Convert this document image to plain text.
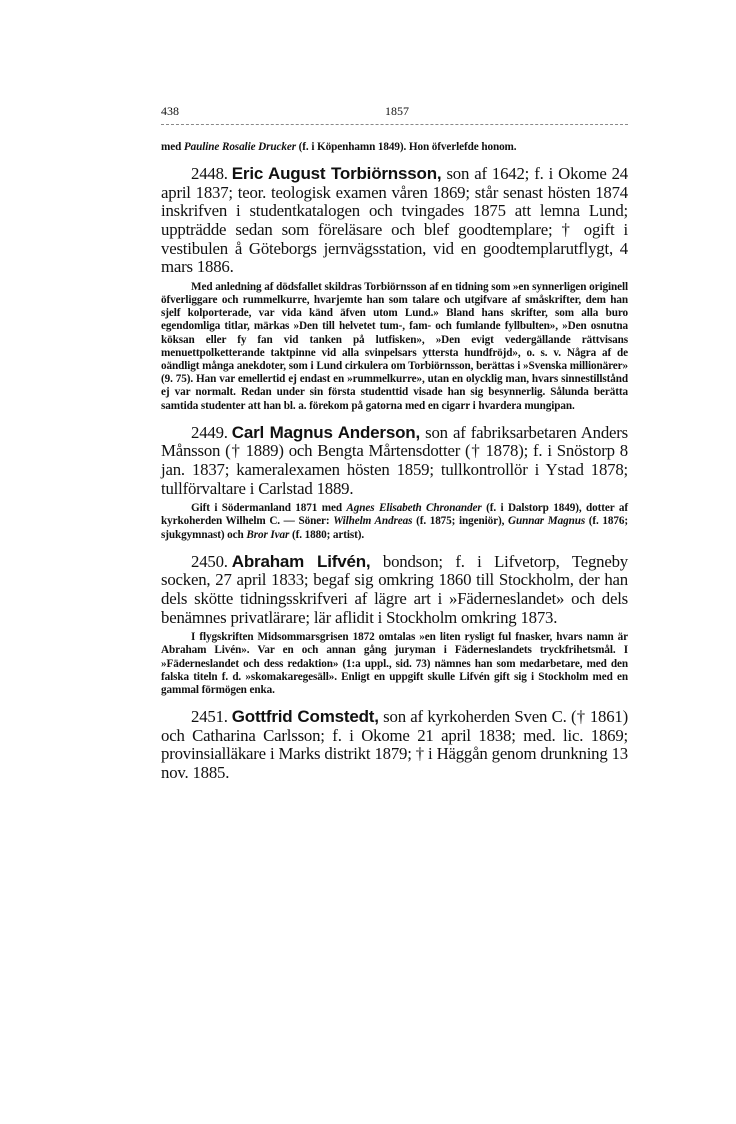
438	1857

med Pauline Rosalie Drucker (f. i Köpenhamn 1849). Hon öfverlefde honom.

2448. Eric August Torbiörnsson, son af 1642; f. i Okome 24 april 1837; teor. teologisk examen våren 1869; står senast hösten 1874 inskrifven i studentkatalogen och tvingades 1875 att lemna Lund; uppträdde sedan som föreläsare och blef goodtemplare; † ogift i vestibulen å Göteborgs jernvägsstation, vid en goodtemplarutflygt, 4 mars 1886.

Med anledning af dödsfallet skildras Torbiörnsson af en tidning som »en synnerligen originell öfverliggare och rummelkurre, hvarjemte han som talare och utgifvare af småskrifter, dem han sjelf kolporterade, var vida känd äfven utom Lund.» Bland hans skrifter, som alla buro egendomliga titlar, märkas »Den till helvetet tum-, fam- och fumlande fyllbulten», »Den osnutna köksan eller fy fan vid tanken på lutfisken», »Den evigt vedergällande rättvisans menuettpolketterande taktpinne vid alla svinpelsars yttersta hundfröjd», o. s. v. Några af de oändligt många anekdoter, som i Lund cirkulera om Torbiörnsson, berättas i »Svenska millionärer» (9. 75). Han var emellertid ej endast en »rummelkurre», utan en olycklig man, hvars sinnestillstånd ej var normalt. Redan under sin första studenttid visade han sig besynnerlig. Sålunda berättа samtida studenter att han bl. a. förekom på gatorna med en cigarr i hvardera mungipan.

2449. Carl Magnus Anderson, son af fabriksarbetaren Anders Månsson († 1889) och Bengta Mårtensdotter († 1878); f. i Snöstorp 8 jan. 1837; kameralexamen hösten 1859; tullkontrollör i Ystad 1878; tullförvaltare i Carlstad 1889.

Gift i Södermanland 1871 med Agnes Elisabeth Chronander (f. i Dalstorp 1849), dotter af kyrkoherden Wilhelm C. — Söner: Wilhelm Andreas (f. 1875; ingeniör), Gunnar Magnus (f. 1876; sjukgymnast) och Bror Ivar (f. 1880; artist).

2450. Abraham Lifvén, bondson; f. i Lifvetorp, Tegneby socken, 27 april 1833; begaf sig omkring 1860 till Stockholm, der han dels skötte tidningsskrifveri af lägre art i »Fäderneslandet» och dels benämnes privatlärare; lär aflidit i Stockholm omkring 1873.

I flygskriften Midsommarsgrisen 1872 omtalas »en liten rysligt ful fnasker, hvars namn är Abraham Livén». Var en och annan gång juryman i Fäderneslandets tryckfrihetsmål. I »Fäderneslandet och dess redaktion» (1:a uppl., sid. 73) nämnes han som medarbetare, med den falska titeln f. d. »skomakaregesäll». Enligt en uppgift skulle Lifvén gift sig i Stockholm med en gammal förmögen enka.

2451. Gottfrid Comstedt, son af kyrkoherden Sven C. († 1861) och Catharina Carlsson; f. i Okome 21 april 1838; med. lic. 1869; provinsialläkare i Marks distrikt 1879; † i Häggån genom drunkning 13 nov. 1885.
